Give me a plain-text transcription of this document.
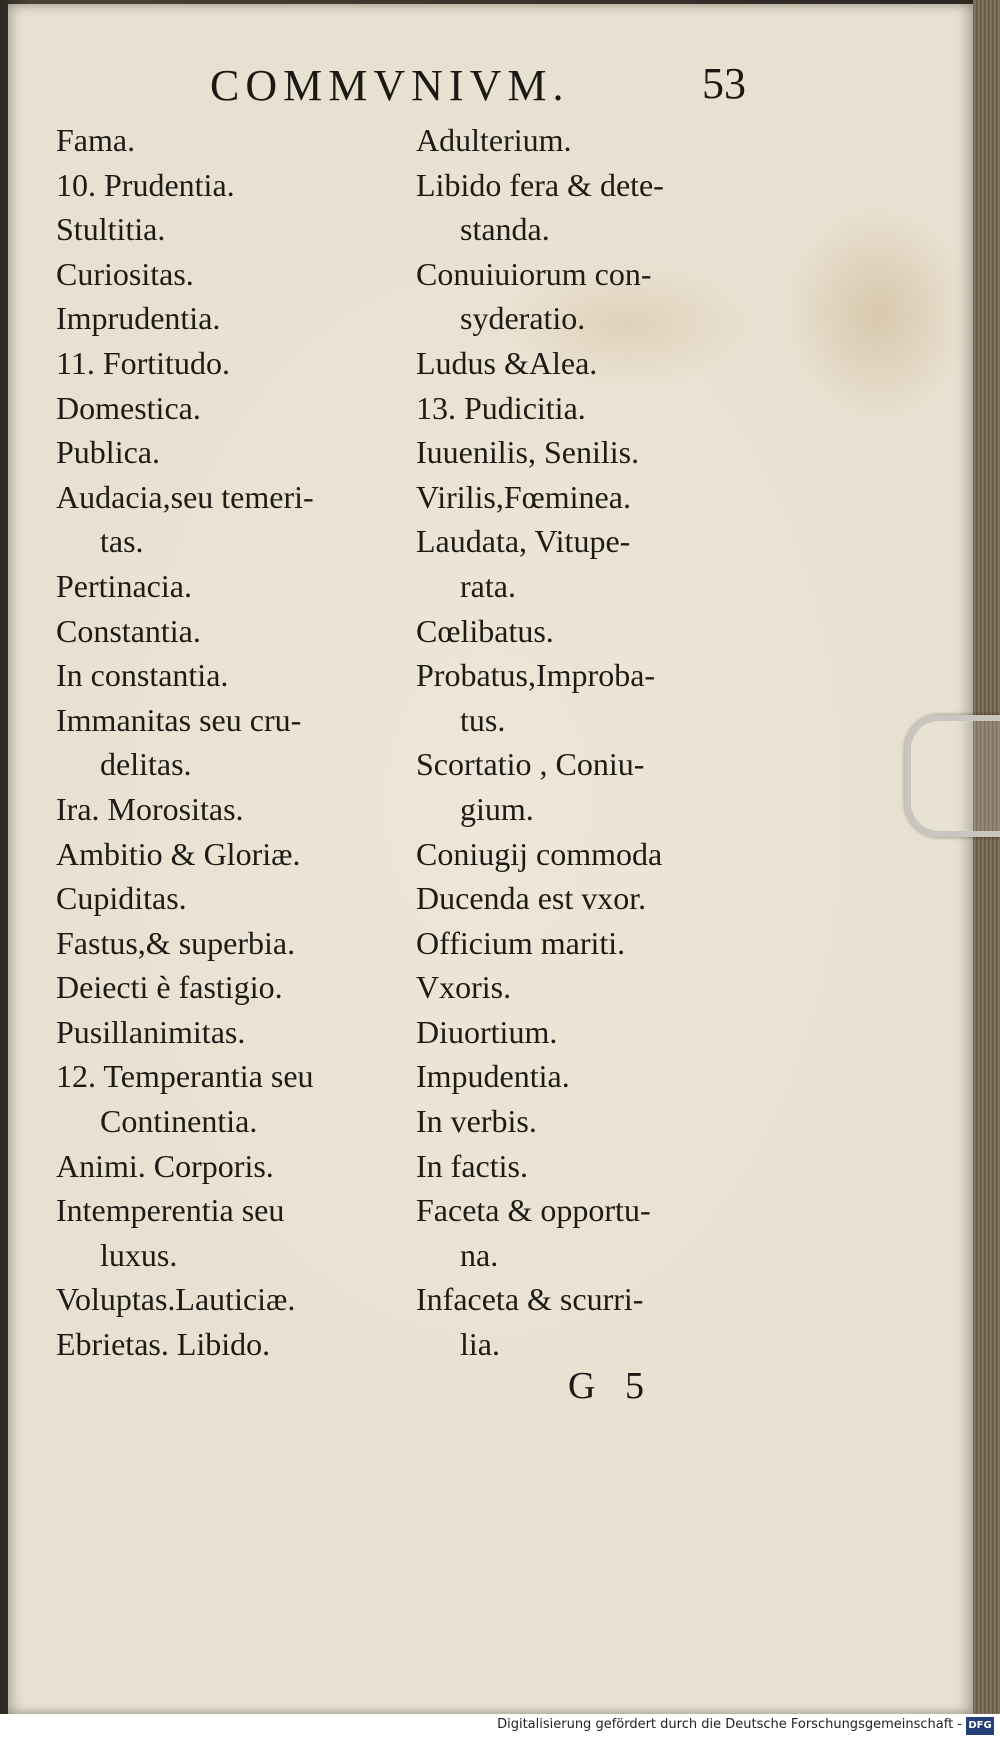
COMMVNIVM.	53
Fama.
10. Prudentia.
Stultitia.
Curiositas.
Imprudentia.
11. Fortitudo.
Domestica.
Publica.
Audacia,seu temeri-
tas.
Pertinacia.
Constantia.
In constantia.
Immanitas seu cru-
delitas.
Ira. Morositas.
Ambitio & Gloriæ.
Cupiditas.
Fastus,& superbia.
Deiecti è fastigio.
Pusillanimitas.
12. Temperantia seu
Continentia.
Animi. Corporis.
Intemperentia seu
luxus.
Voluptas.Lauticiæ.
Ebrietas. Libido.
Adulterium.
Libido fera & dete-
standa.
Conuiuiorum con-
syderatio.
Ludus &Alea.
13. Pudicitia.
Iuuenilis, Senilis.
Virilis,Fœminea.
Laudata, Vitupe-
rata.
Cœlibatus.
Probatus,Improba-
tus.
Scortatio , Coniu-
gium.
Coniugij commoda
Ducenda est vxor.
Officium mariti.
Vxoris.
Diuortium.
Impudentia.
In verbis.
In factis.
Faceta & opportu-
na.
Infaceta & scurri-
lia.
G 5
Digitalisierung gefördert durch die Deutsche Forschungsgemeinschaft - DFG
